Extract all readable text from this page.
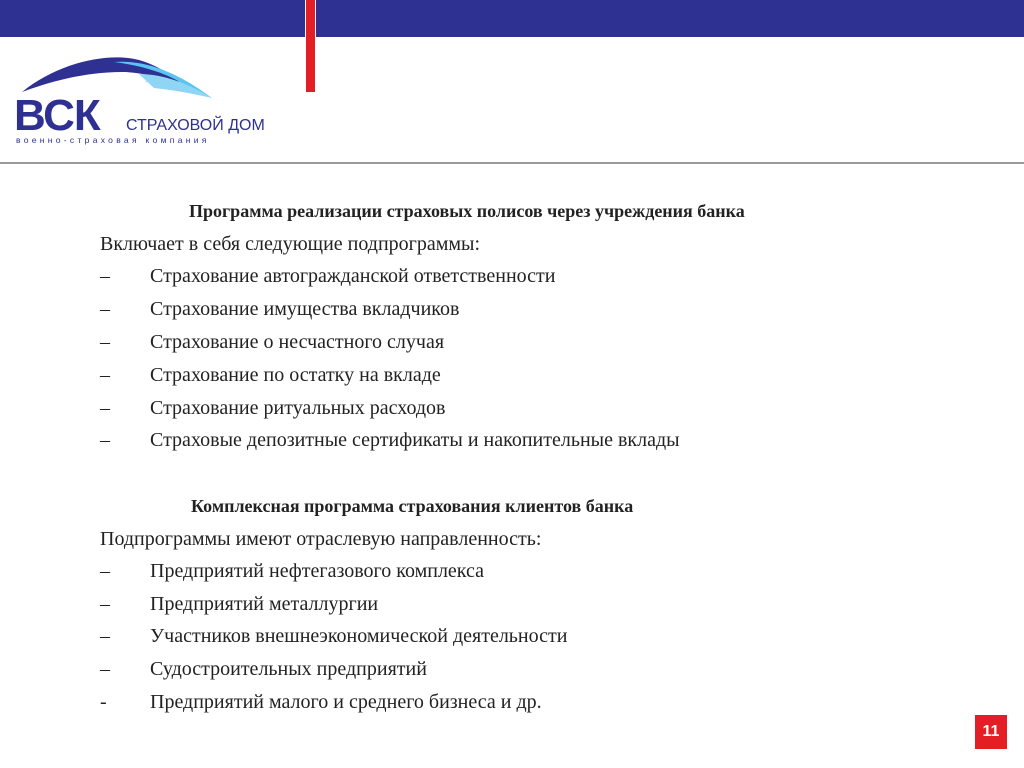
ВСК СТРАХОВОЙ ДОМ
военно-страховая компания
Программа реализации страховых полисов через учреждения банка
Включает в себя следующие подпрограммы:
– Страхование автогражданской ответственности
– Страхование имущества вкладчиков
– Страхование о несчастного случая
– Страхование по остатку на вкладе
– Страхование ритуальных расходов
– Страховые депозитные сертификаты и накопительные вклады
Комплексная программа страхования клиентов банка
Подпрограммы имеют отраслевую направленность:
– Предприятий нефтегазового комплекса
– Предприятий металлургии
– Участников внешнеэкономической деятельности
– Судостроительных предприятий
- Предприятий малого и среднего бизнеса и др.
11
